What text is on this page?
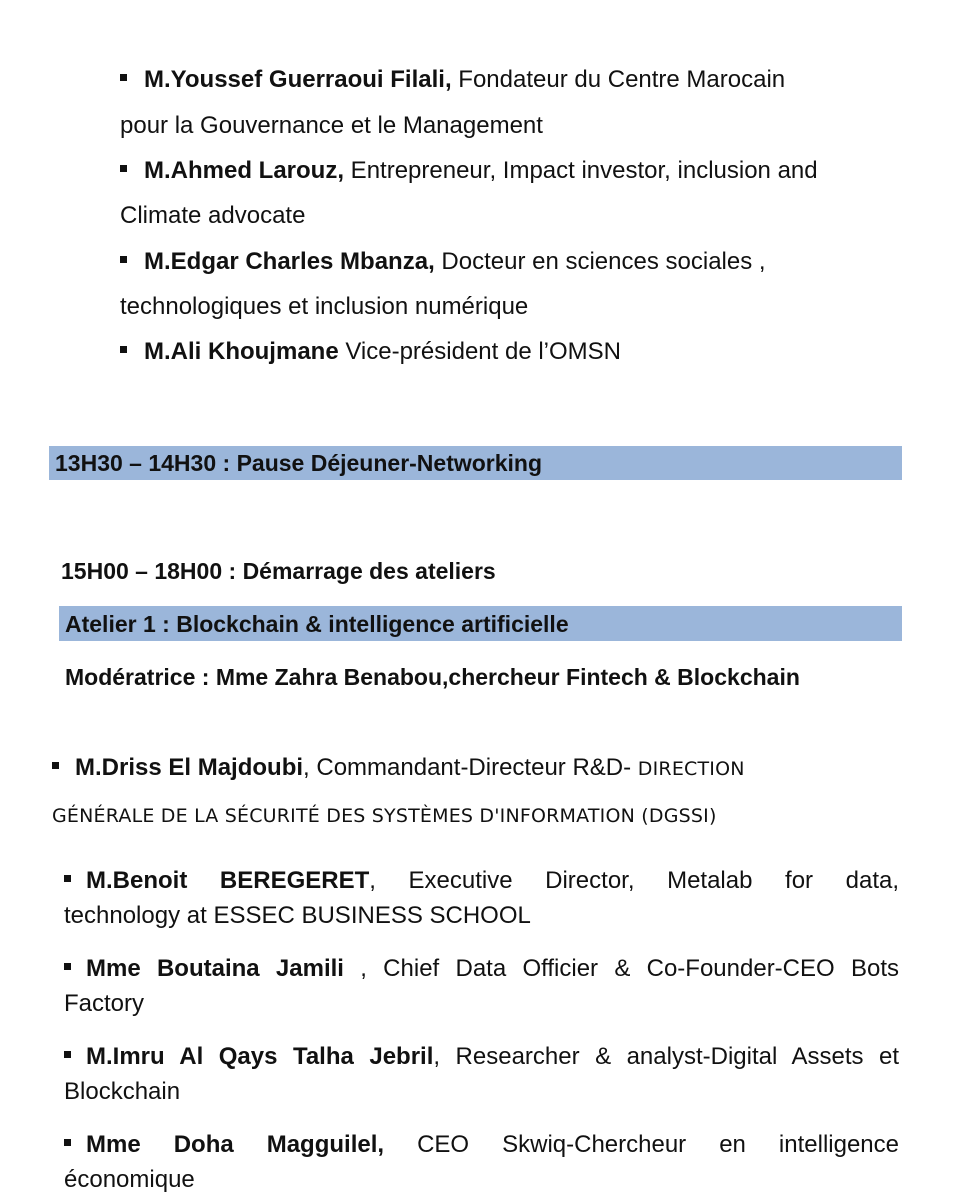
M.Youssef Guerraoui Filali, Fondateur du Centre Marocain
pour la Gouvernance et le Management
M.Ahmed Larouz, Entrepreneur, Impact investor, inclusion and
Climate advocate
M.Edgar Charles Mbanza, Docteur en sciences sociales ,
technologiques et inclusion numérique
M.Ali Khoujmane Vice-président de l’OMSN
13H30 – 14H30 : Pause Déjeuner-Networking
15H00 – 18H00 : Démarrage des ateliers
Atelier 1 : Blockchain & intelligence artificielle
Modératrice : Mme Zahra Benabou,chercheur Fintech & Blockchain
M.Driss El Majdoubi, Commandant-Directeur R&D- DIRECTION
GÉNÉRALE DE LA SÉCURITÉ DES SYSTÈMES D'INFORMATION (DGSSI)
M.Benoit BEREGERET, Executive Director, Metalab for data,
technology at ESSEC BUSINESS SCHOOL
Mme Boutaina Jamili , Chief Data Officier & Co-Founder-CEO Bots
Factory
M.Imru Al Qays Talha Jebril, Researcher & analyst-Digital Assets et
Blockchain
Mme Doha Magguilel, CEO Skwiq-Chercheur en intelligence
économique
